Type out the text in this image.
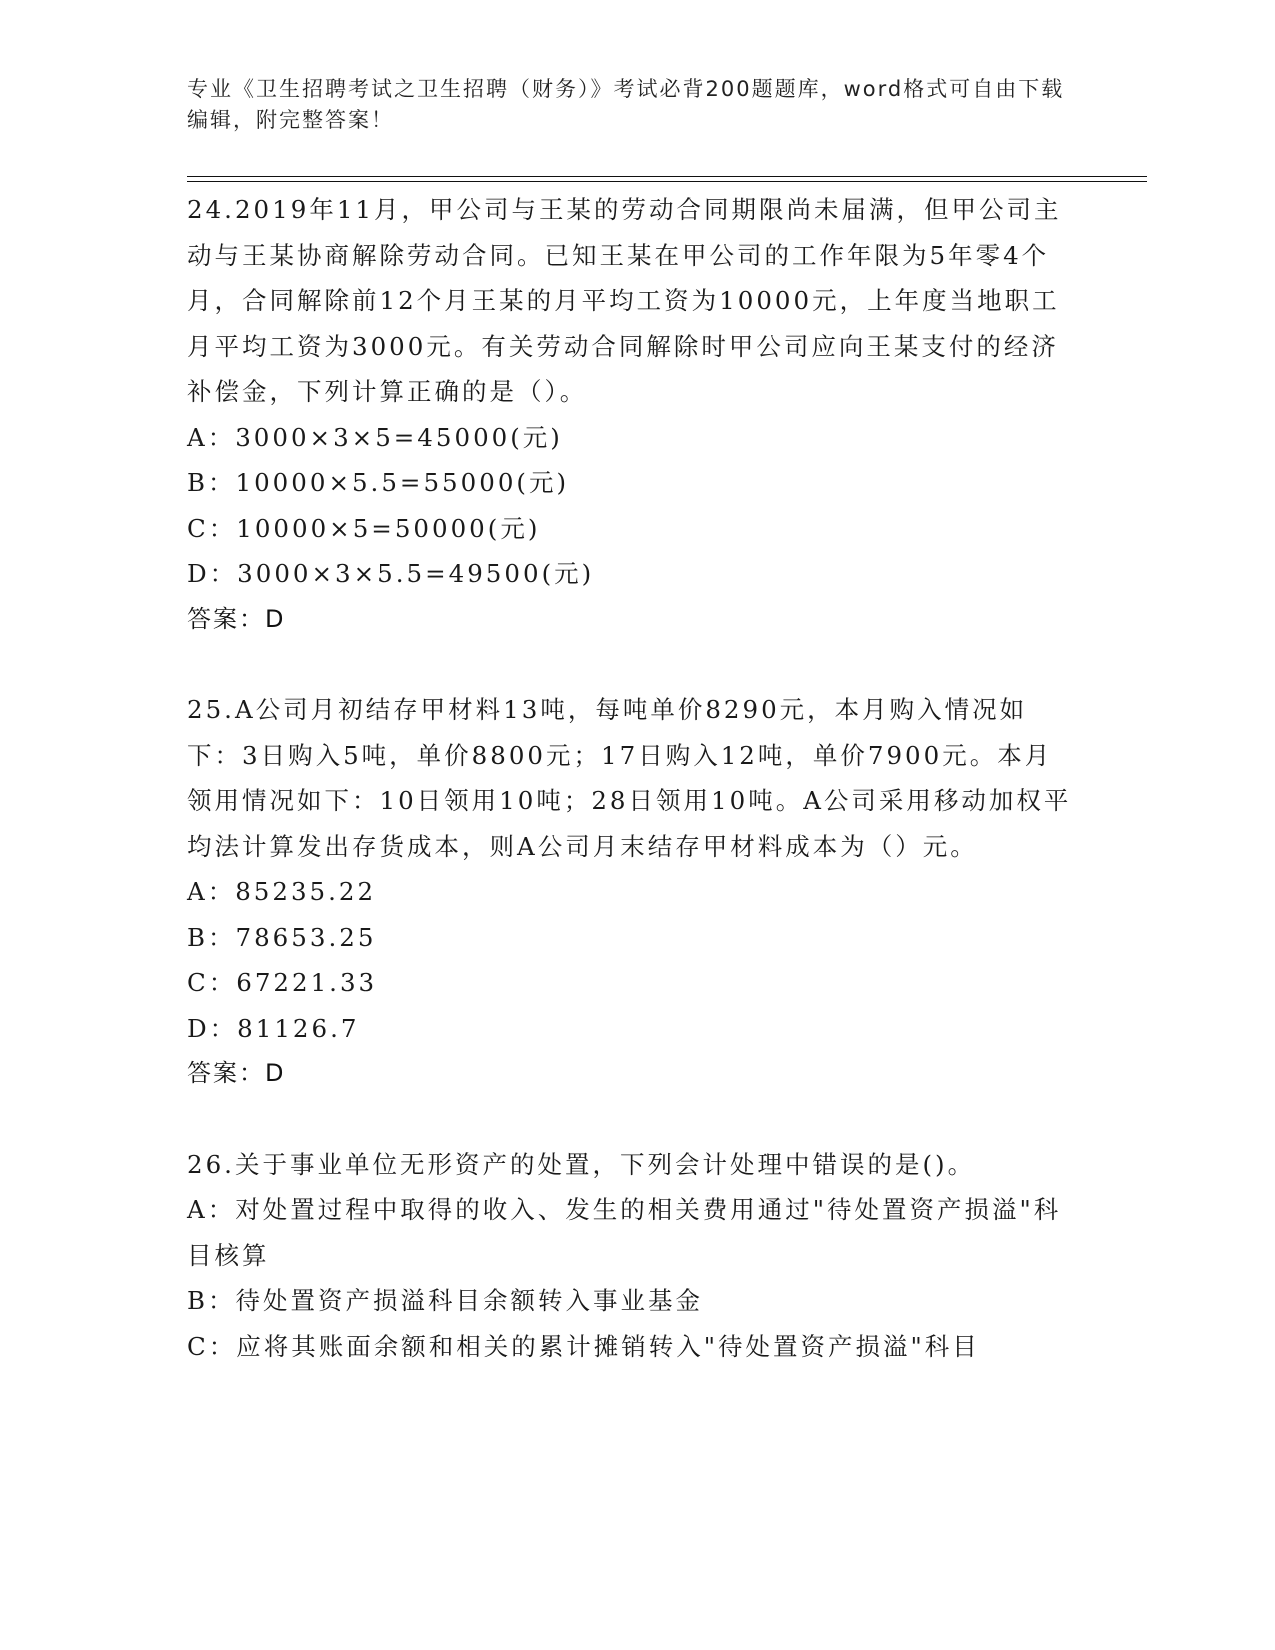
专业《卫生招聘考试之卫生招聘（财务）》考试必背200题题库，word格式可自由下载编辑，附完整答案！

24.2019年11月，甲公司与王某的劳动合同期限尚未届满，但甲公司主动与王某协商解除劳动合同。已知王某在甲公司的工作年限为5年零4个月，合同解除前12个月王某的月平均工资为10000元，上年度当地职工月平均工资为3000元。有关劳动合同解除时甲公司应向王某支付的经济补偿金，下列计算正确的是（）。

A：3000×3×5=45000(元)

B：10000×5.5=55000(元)

C：10000×5=50000(元)

D：3000×3×5.5=49500(元)

答案：D

25.A公司月初结存甲材料13吨，每吨单价8290元，本月购入情况如下：3日购入5吨，单价8800元；17日购入12吨，单价7900元。本月领用情况如下：10日领用10吨；28日领用10吨。A公司采用移动加权平均法计算发出存货成本，则A公司月末结存甲材料成本为（）元。

A：85235.22

B：78653.25

C：67221.33

D：81126.7

答案：D

26.关于事业单位无形资产的处置，下列会计处理中错误的是()。

A：对处置过程中取得的收入、发生的相关费用通过"待处置资产损溢"科目核算

B：待处置资产损溢科目余额转入事业基金

C：应将其账面余额和相关的累计摊销转入"待处置资产损溢"科目
